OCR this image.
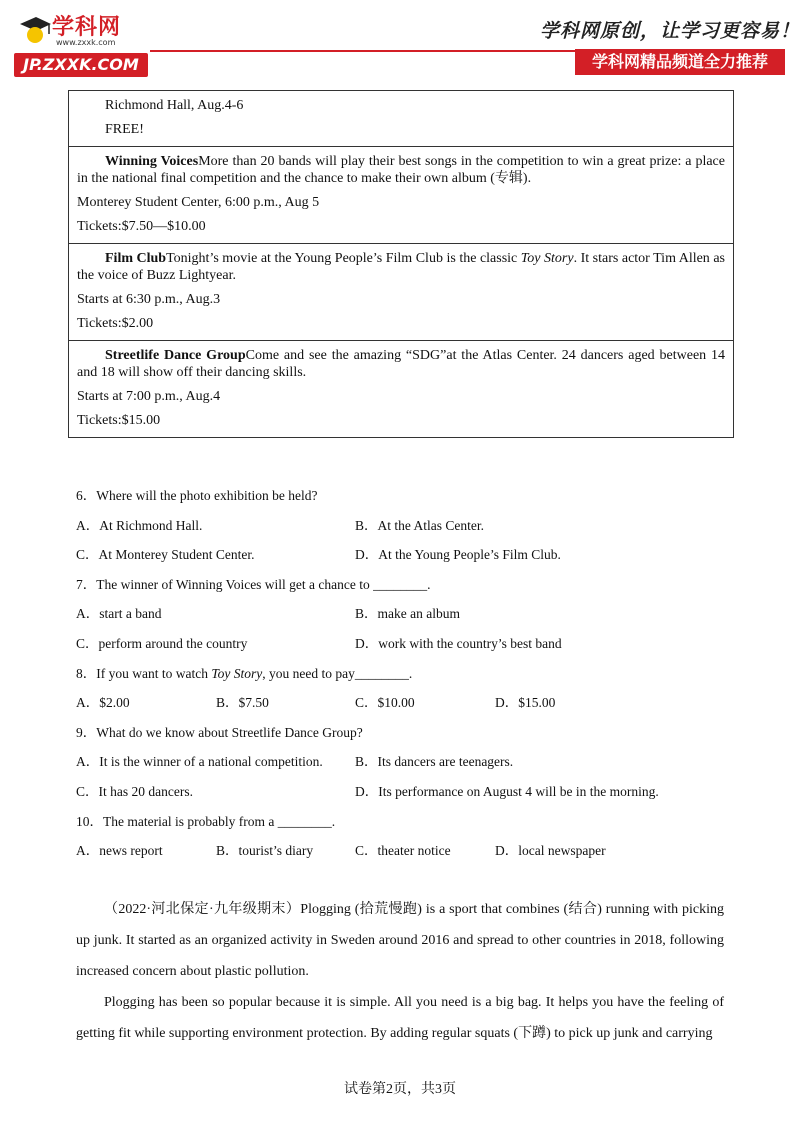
学科网
www.zxxk.com
JP.ZXXK.COM
学科网原创，让学习更容易！
学科网精品频道全力推荐

Richmond Hall, Aug.4-6

FREE!

Winning VoicesMore than 20 bands will play their best songs in the competition to win a great prize: a place in the national final competition and the chance to make their own album (专辑).

Monterey Student Center, 6:00 p.m., Aug 5

Tickets:$7.50—$10.00

Film ClubTonight’s movie at the Young People’s Film Club is the classic Toy Story. It stars actor Tim Allen as the voice of Buzz Lightyear.

Starts at 6:30 p.m., Aug.3

Tickets:$2.00

Streetlife Dance GroupCome and see the amazing “SDG”at the Atlas Center. 24 dancers aged between 14 and 18 will show off their dancing skills.

Starts at 7:00 p.m., Aug.4

Tickets:$15.00

6．Where will the photo exhibition be held?
A．At Richmond Hall.	B．At the Atlas Center.
C．At Monterey Student Center.	D．At the Young People’s Film Club.
7．The winner of Winning Voices will get a chance to ________.
A．start a band	B．make an album
C．perform around the country	D．work with the country’s best band
8．If you want to watch Toy Story, you need to pay________.
A．$2.00	B．$7.50	C．$10.00	D．$15.00
9．What do we know about Streetlife Dance Group?
A．It is the winner of a national competition. B．Its dancers are teenagers.
C．It has 20 dancers.	D．Its performance on August 4 will be in the morning.
10．The material is probably from a ________.
A．news report	B．tourist’s diary	C．theater notice	D．local newspaper

（2022·河北保定·九年级期末）Plogging (拾荒慢跑) is a sport that combines (结合) running with picking up junk. It started as an organized activity in Sweden around 2016 and spread to other countries in 2018, following increased concern about plastic pollution.

Plogging has been so popular because it is simple. All you need is a big bag. It helps you have the feeling of getting fit while supporting environment protection. By adding regular squats (下蹲) to pick up junk and carrying

试卷第2页，共3页
